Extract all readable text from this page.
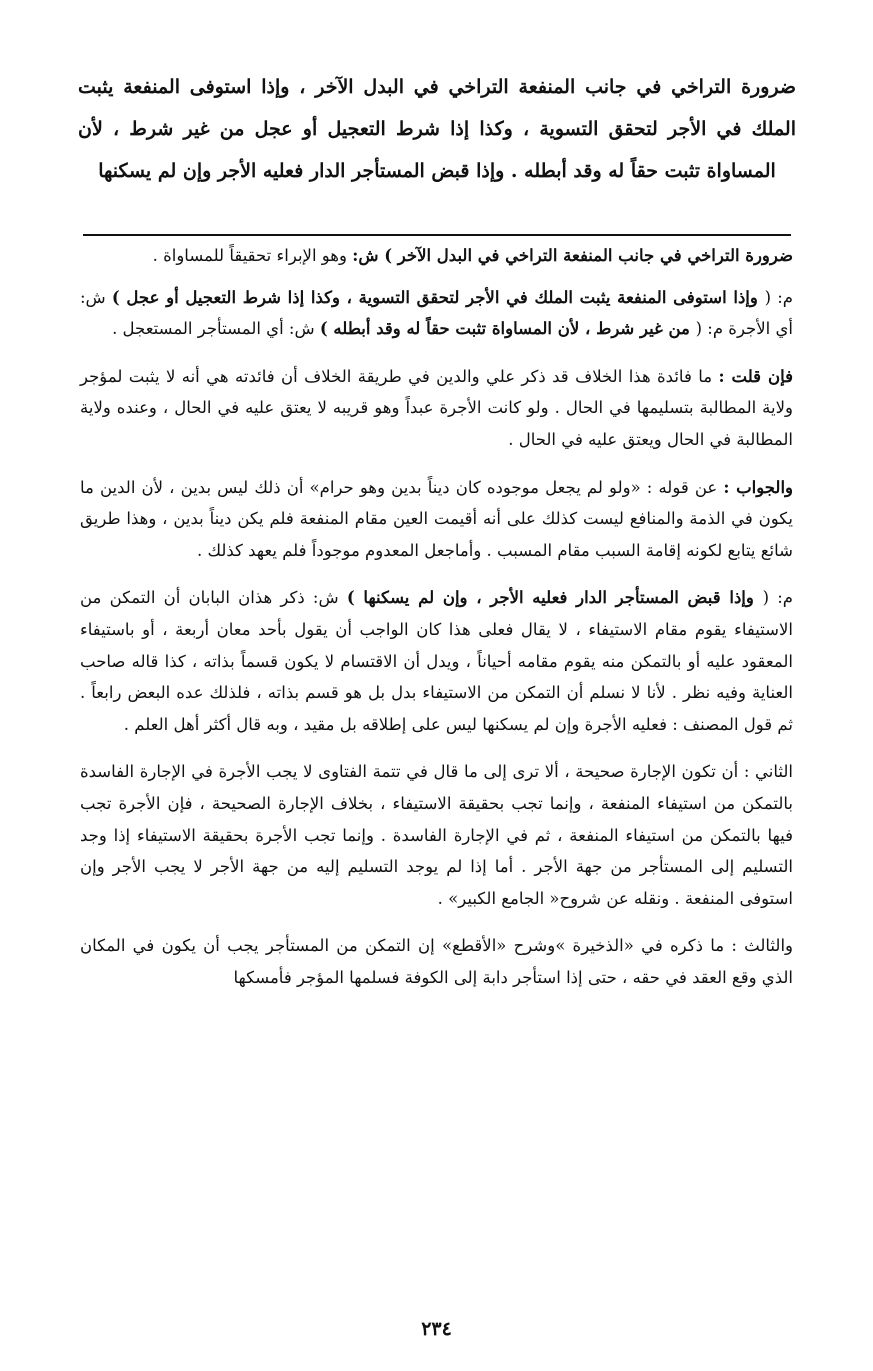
ضرورة التراخي في جانب المنفعة التراخي في البدل الآخر ، وإذا استوفى المنفعة يثبت الملك في الأجر لتحقق التسوية ، وكذا إذا شرط التعجيل أو عجل من غير شرط ، لأن المساواة تثبت حقاً له وقد أبطله . وإذا قبض المستأجر الدار فعليه الأجر وإن لم يسكنها

ضرورة التراخي في جانب المنفعة التراخي في البدل الآخر ) ش: وهو الإبراء تحقيقاً للمساواة .

م: ( وإذا استوفى المنفعة يثبت الملك في الأجر لتحقق التسوية ، وكذا إذا شرط التعجيل أو عجل ) ش: أي الأجرة م: ( من غير شرط ، لأن المساواة تثبت حقاً له وقد أبطله ) ش: أي المستأجر المستعجل .

فإن قلت : ما فائدة هذا الخلاف قد ذكر علي والدين في طريقة الخلاف أن فائدته هي أنه لا يثبت لمؤجر ولاية المطالبة بتسليمها في الحال . ولو كانت الأجرة عبداً وهو قريبه لا يعتق عليه في الحال ، وعنده ولاية المطالبة في الحال ويعتق عليه في الحال .

والجواب : عن قوله : «ولو لم يجعل موجوده كان ديناً بدين وهو حرام» أن ذلك ليس بدين ، لأن الدين ما يكون في الذمة والمنافع ليست كذلك على أنه أقيمت العين مقام المنفعة فلم يكن ديناً بدين ، وهذا طريق شائع يتابع لكونه إقامة السبب مقام المسبب . وأماجعل المعدوم موجوداً فلم يعهد كذلك .

م: ( وإذا قبض المستأجر الدار فعليه الأجر ، وإن لم يسكنها ) ش: ذكر هذان البابان أن التمكن من الاستيفاء يقوم مقام الاستيفاء ، لا يقال فعلى هذا كان الواجب أن يقول بأحد معان أربعة ، أو باستيفاء المعقود عليه أو بالتمكن منه يقوم مقامه أحياناً ، ويدل أن الاقتسام لا يكون قسماً بذاته ، كذا قاله صاحب العناية وفيه نظر . لأنا لا نسلم أن التمكن من الاستيفاء بدل بل هو قسم بذاته ، فلذلك عده البعض رابعاً . ثم قول المصنف : فعليه الأجرة وإن لم يسكنها ليس على إطلاقه بل مقيد ، وبه قال أكثر أهل العلم .

الثاني : أن تكون الإجارة صحيحة ، ألا ترى إلى ما قال في تتمة الفتاوى لا يجب الأجرة في الإجارة الفاسدة بالتمكن من استيفاء المنفعة ، وإنما تجب بحقيقة الاستيفاء ، بخلاف الإجارة الصحيحة ، فإن الأجرة تجب فيها بالتمكن من استيفاء المنفعة ، ثم في الإجارة الفاسدة . وإنما تجب الأجرة بحقيقة الاستيفاء إذا وجد التسليم إلى المستأجر من جهة الأجر . أما إذا لم يوجد التسليم إليه من جهة الأجر لا يجب الأجر وإن استوفى المنفعة . ونقله عن شروح« الجامع الكبير» .

والثالث : ما ذكره في «الذخيرة »وشرح «الأقطع» إن التمكن من المستأجر يجب أن يكون في المكان الذي وقع العقد في حقه ، حتى إذا استأجر دابة إلى الكوفة فسلمها المؤجر فأمسكها

٢٣٤
